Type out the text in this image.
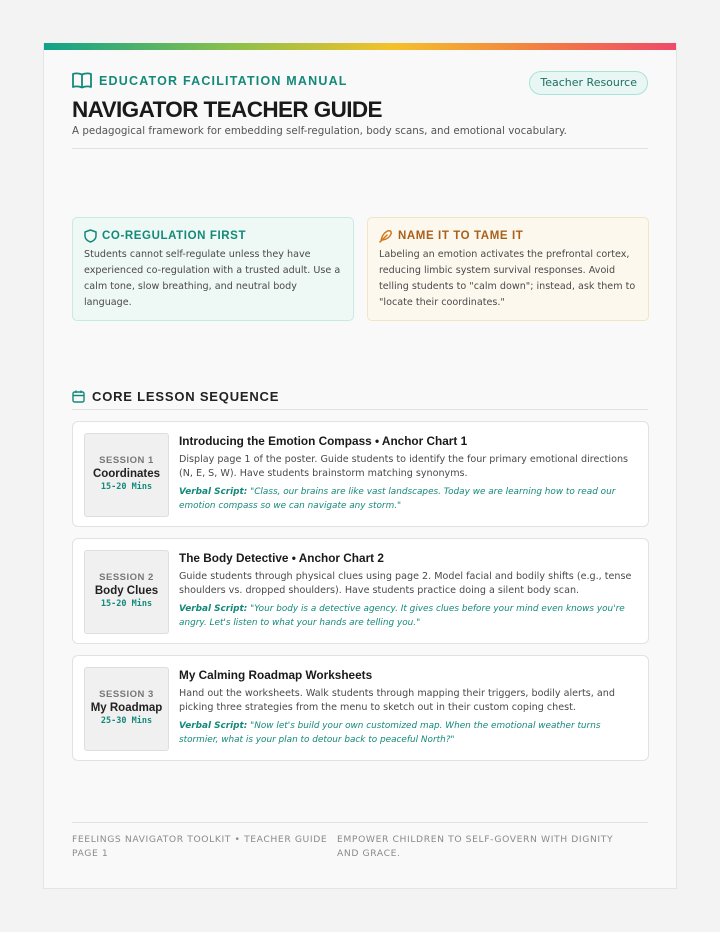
EDUCATOR FACILITATION MANUAL	Teacher Resource
NAVIGATOR TEACHER GUIDE
A pedagogical framework for embedding self-regulation, body scans, and emotional vocabulary.
CO-REGULATION FIRST
Students cannot self-regulate unless they have experienced co-regulation with a trusted adult. Use a calm tone, slow breathing, and neutral body language.
NAME IT TO TAME IT
Labeling an emotion activates the prefrontal cortex, reducing limbic system survival responses. Avoid telling students to "calm down"; instead, ask them to "locate their coordinates."
CORE LESSON SEQUENCE
SESSION 1
Coordinates
15-20 Mins
Introducing the Emotion Compass • Anchor Chart 1
Display page 1 of the poster. Guide students to identify the four primary emotional directions (N, E, S, W). Have students brainstorm matching synonyms.
Verbal Script: "Class, our brains are like vast landscapes. Today we are learning how to read our emotion compass so we can navigate any storm."
SESSION 2
Body Clues
15-20 Mins
The Body Detective • Anchor Chart 2
Guide students through physical clues using page 2. Model facial and bodily shifts (e.g., tense shoulders vs. dropped shoulders). Have students practice doing a silent body scan.
Verbal Script: "Your body is a detective agency. It gives clues before your mind even knows you're angry. Let's listen to what your hands are telling you."
SESSION 3
My Roadmap
25-30 Mins
My Calming Roadmap Worksheets
Hand out the worksheets. Walk students through mapping their triggers, bodily alerts, and picking three strategies from the menu to sketch out in their custom coping chest.
Verbal Script: "Now let's build your own customized map. When the emotional weather turns stormier, what is your plan to detour back to peaceful North?"
FEELINGS NAVIGATOR TOOLKIT • TEACHER GUIDE PAGE 1
EMPOWER CHILDREN TO SELF-GOVERN WITH DIGNITY AND GRACE.
